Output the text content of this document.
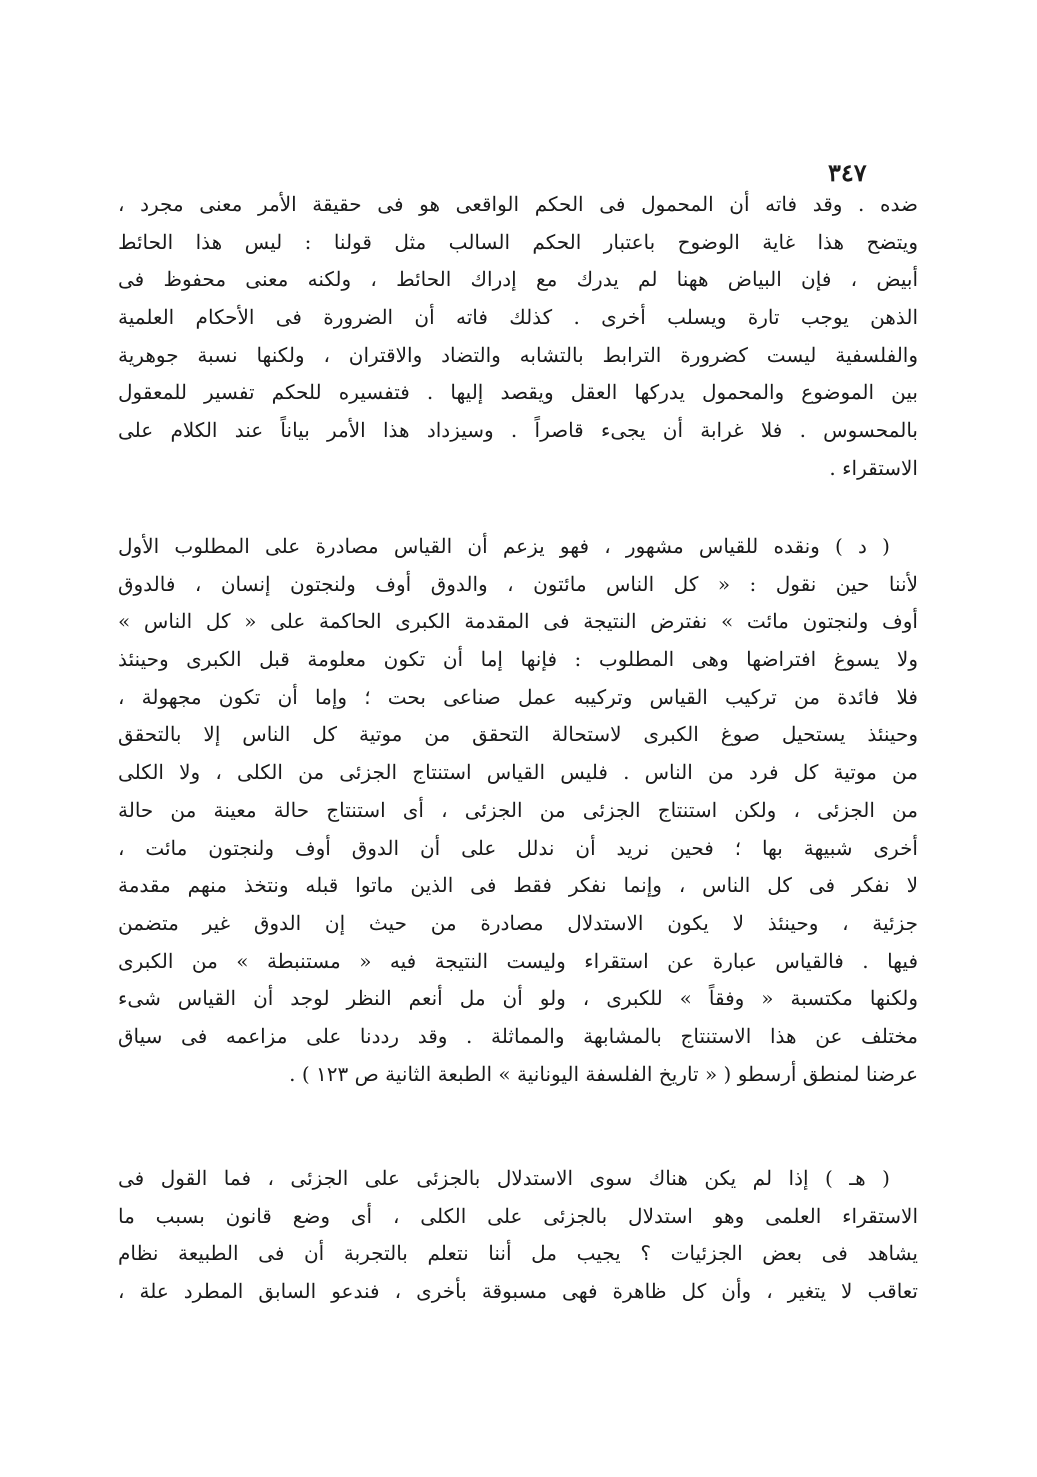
٣٤٧
ضده . وقد فاته أن المحمول فى الحكم الواقعى هو فى حقيقة الأمر معنى مجرد ،
ويتضح هذا غاية الوضوح باعتبار الحكم السالب مثل قولنا : ليس هذا الحائط
أبيض ، فإن البياض ههنا لم يدرك مع إدراك الحائط ، ولكنه معنى محفوظ فى
الذهن يوجب تارة ويسلب أخرى . كذلك فاته أن الضرورة فى الأحكام العلمية
والفلسفية ليست كضرورة الترابط بالتشابه والتضاد والاقتران ، ولكنها نسبة جوهرية
بين الموضوع والمحمول يدركها العقل ويقصد إليها . فتفسيره للحكم تفسير للمعقول
بالمحسوس . فلا غرابة أن يجىء قاصراً . وسيزداد هذا الأمر بياناً عند الكلام على
الاستقراء .
( د ) ونقده للقياس مشهور ، فهو يزعم أن القياس مصادرة على المطلوب الأول
لأننا حين نقول : « كل الناس مائتون ، والدوق أوف ولنجتون إنسان ، فالدوق
أوف ولنجتون مائت » نفترض النتيجة فى المقدمة الكبرى الحاكمة على « كل الناس »
ولا يسوغ افتراضها وهى المطلوب : فإنها إما أن تكون معلومة قبل الكبرى وحينئذ
فلا فائدة من تركيب القياس وتركيبه عمل صناعى بحت ؛ وإما أن تكون مجهولة ،
وحينئذ يستحيل صوغ الكبرى لاستحالة التحقق من موتية كل الناس إلا بالتحقق
من موتية كل فرد من الناس . فليس القياس استنتاج الجزئى من الكلى ، ولا الكلى
من الجزئى ، ولكن استنتاج الجزئى من الجزئى ، أى استنتاج حالة معينة من حالة
أخرى شبيهة بها ؛ فحين نريد أن ندلل على أن الدوق أوف ولنجتون مائت ،
لا نفكر فى كل الناس ، وإنما نفكر فقط فى الذين ماتوا قبله ونتخذ منهم مقدمة
جزئية ، وحينئذ لا يكون الاستدلال مصادرة من حيث إن الدوق غير متضمن
فيها . فالقياس عبارة عن استقراء وليست النتيجة فيه « مستنبطة » من الكبرى
ولكنها مكتسبة « وفقاً » للكبرى ، ولو أن مل أنعم النظر لوجد أن القياس شىء
مختلف عن هذا الاستنتاج بالمشابهة والمماثلة . وقد رددنا على مزاعمه فى سياق
عرضنا لمنطق أرسطو ( « تاريخ الفلسفة اليونانية » الطبعة الثانية ص ١٢٣ ) .
( هـ ) إذا لم يكن هناك سوى الاستدلال بالجزئى على الجزئى ، فما القول فى
الاستقراء العلمى وهو استدلال بالجزئى على الكلى ، أى وضع قانون بسبب ما
يشاهد فى بعض الجزئيات ؟ يجيب مل أننا نتعلم بالتجربة أن فى الطبيعة نظام
تعاقب لا يتغير ، وأن كل ظاهرة فهى مسبوقة بأخرى ، فندعو السابق المطرد علة ،
